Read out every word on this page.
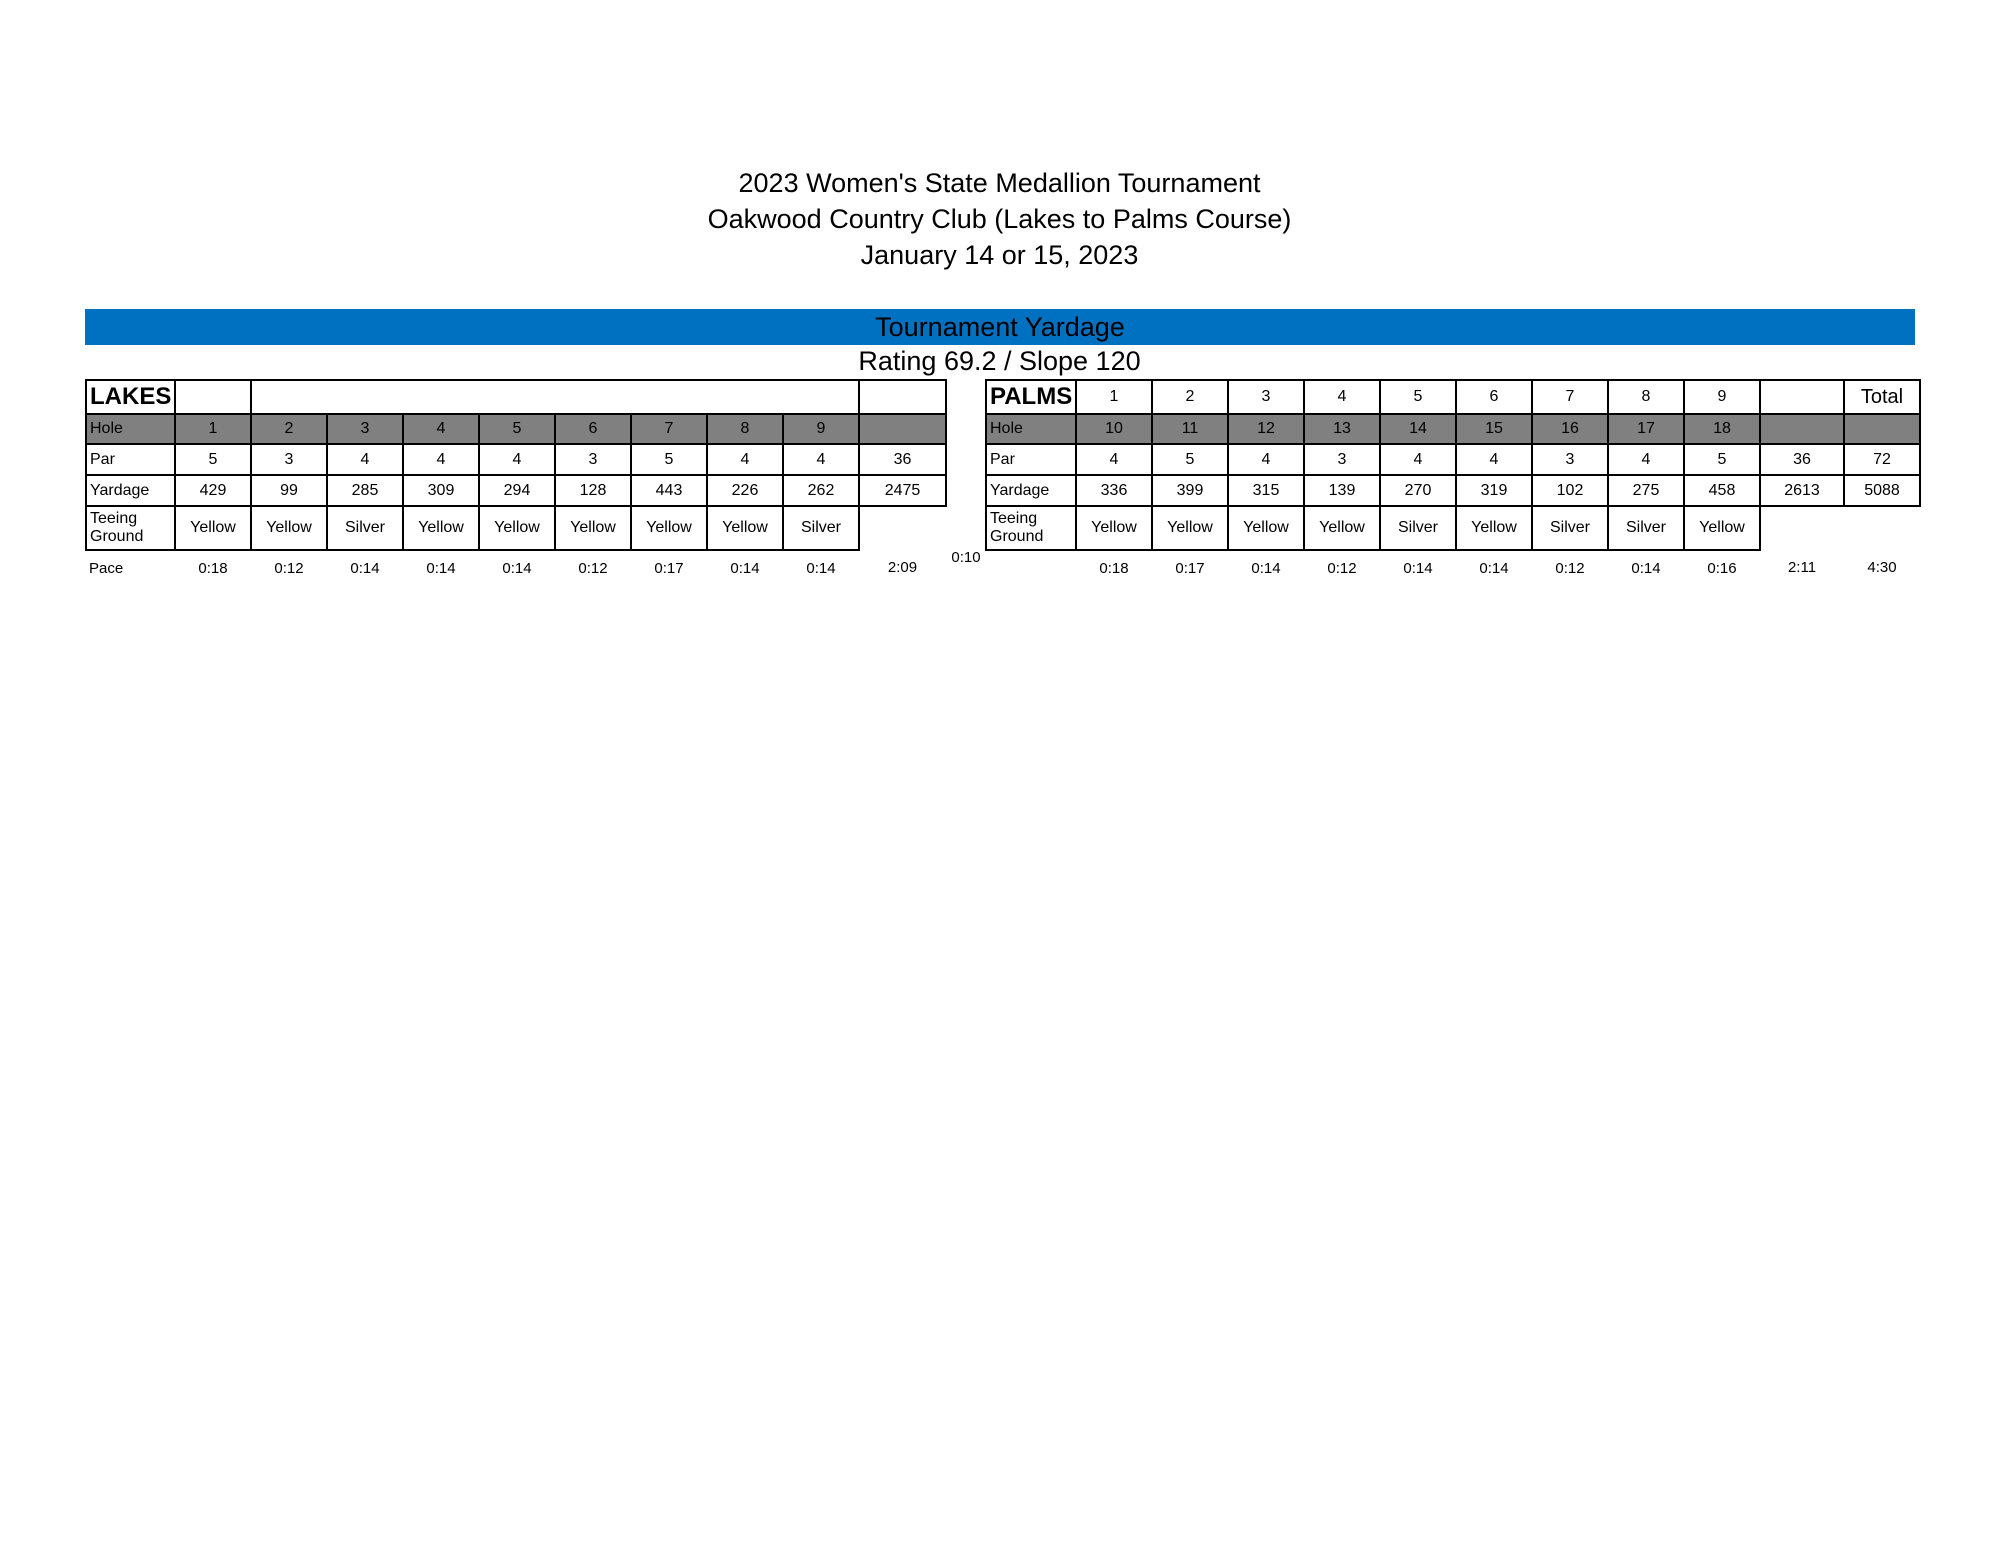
2023 Women's State Medallion Tournament
Oakwood Country Club (Lakes to Palms Course)
January 14 or 15, 2023
Tournament Yardage
Rating 69.2 / Slope 120
LAKES										
Hole	1	2	3	4	5	6	7	8	9	
Par	5	3	4	4	4	3	5	4	4	36
Yardage	429	99	285	309	294	128	443	226	262	2475
Teeing
Ground	Yellow	Yellow	Silver	Yellow	Yellow	Yellow	Yellow	Yellow	Silver	
Pace	0:18	0:12	0:14	0:14	0:14	0:12	0:17	0:14	0:14	2:09
0:10
PALMS	1	2	3	4	5	6	7	8	9		Total
Hole	10	11	12	13	14	15	16	17	18		
Par	4	5	4	3	4	4	3	4	5	36	72
Yardage	336	399	315	139	270	319	102	275	458	2613	5088
Teeing
Ground	Yellow	Yellow	Yellow	Yellow	Silver	Yellow	Silver	Silver	Yellow		
	0:18	0:17	0:14	0:12	0:14	0:14	0:12	0:14	0:16	2:11	4:30
